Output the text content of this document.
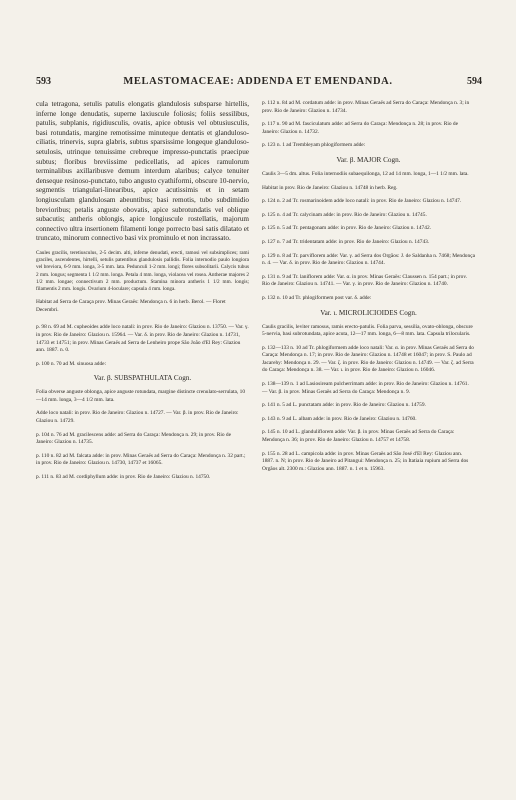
593	MELASTOMACEAE: ADDENDA ET EMENDANDA.	594

cula tetragona, setulis patulis elongatis glandulosis subsparse hirtellis, inferne longe denudatis, superne laxiuscule foliosis; foliis sessilibus, patulis, subplanis, rigidiusculis, ovatis, apice obtusis vel obtusiusculis, basi rotundatis, margine remotissime minuteque dentatis et glanduloso-ciliatis, trinervis, supra glabris, subtus sparsissime longeque glanduloso-setulosis, utrinque tenuissime crebreque impresso-punctatis praecipue subtus; floribus breviissime pedicellatis, ad apices ramulorum terminalibus axillaribusve demum interdum alaribus; calyce tenuiter denseque resinoso-punctato, tubo angusto cyathiformi, obscure 10-nervio, segmentis triangulari-linearibus, apice acutissimis et in setam longiusculam glandulosam abeuntibus; basi remotis, tubo subdimidio brevioribus; petalis anguste obovatis, apice subrotundatis vel oblique subacutis; antheris oblongis, apice longiuscule rostellatis, majorum connectivo ultra insertionem filamenti longe porrecto basi satis dilatato et truncato, minorum connectivo basi vix prominulo et non incrassato.

Caules gracilis, teretiusculus, 2-5 decim. alti, inferne denudati, erecti, ramosi vel subsimplices; rami graciles, ascendentes, hirtelli, setulis patentibus glandulosis pallidis. Folia internodio paulo longiora vel breviora, 6-9 mm. longa, 3-5 mm. lata. Pedunculi 1-2 mm. longi; flores subsolitarii. Calycis tubus 2 mm. longus; segmenta 1 1/2 mm. longa. Petala 4 mm. longa, violacea vel rosea. Antherae majores 2 1/2 mm. longae; connectivum 2 mm. productum. Stamina minora antheris 1 1/2 mm. longis; filamentis 2 mm. longis. Ovarium 4-loculare; capsula 4 mm. longa.

Habitat ad Serra de Caraça prov. Minas Geraës: Mendonça n. 6 in herb. Berol. — Floret Decembri.

p. 98 n. 69 ad M. cupheoides adde loco natali: in prov. Rio de Janeiro: Glaziou n. 13750. — Var. γ. in prov. Rio de Janeiro: Glaziou n. 15964. — Var. δ. in prov. Rio de Janeiro: Glaziou n. 14731, 14733 et 14751; in prov. Minas Geraës ad Serra de Lenheiro prope São João d'El Rey: Glaziou ann. 1887. n. 0.

p. 100 n. 70 ad M. sinuosa adde:

Var. β. SUBSPATHULATA Cogn.

Folia obverse anguste oblonga, apice anguste rotundata, margine distincte crenulato-serrulata, 10—14 mm. longa, 3—4 1/2 mm. lata.

Adde loco natali: in prov. Rio de Janeiro: Glaziou n. 14727. — Var. β. in prov. Rio de Janeiro: Glaziou n. 14729.

p. 104 n. 76 ad M. gracilescens adde: ad Serra do Caraça: Mendonça n. 29; in prov. Rio de Janeiro: Glaziou n. 14735.

p. 110 n. 82 ad M. falcata adde: in prov. Minas Geraës ad Serra do Caraça: Mendonça n. 32 part.; in prov. Rio de Janeiro: Glaziou n. 14730, 14737 et 16065.

p. 111 n. 83 ad M. cordiphyllum adde: in prov. Rio de Janeiro: Glaziou n. 14750.

p. 112 n. 84 ad M. cordatum adde: in prov. Minas Geraës ad Serra do Caraça: Mendonça n. 3; in prov. Rio de Janeiro: Glaziou n. 14734.

p. 117 n. 90 ad M. fasciculatum adde: ad Serra do Caraça: Mendonça n. 28; in prov. Rio de Janeiro: Glaziou n. 14732.

p. 123 n. 1 ad Trembleyam phlogiformem adde:

Var. β. MAJOR Cogn.

Caulis 3—5 dm. altus. Folia internodiis subaequilonga, 12 ad 14 mm. longa, 1—1 1/2 mm. lata.

Habitat in prov. Rio de Janeiro: Glaziou n. 14748 in herb. Reg.

p. 124 n. 2 ad Tr. rosmarinoidem adde loco natali: in prov. Rio de Janeiro: Glaziou n. 14747.

p. 125 n. 4 ad Tr. calycinam adde: in prov. Rio de Janeiro: Glaziou n. 14745.

p. 125 n. 5 ad Tr. pentagonam adde: in prov. Rio de Janeiro: Glaziou n. 14742.

p. 127 n. 7 ad Tr. tridentatam adde: in prov. Rio de Janeiro: Glaziou n. 14743.

p. 129 n. 8 ad Tr. parviflorem adde: Var. γ. ad Serra dos Orgãos: J. de Saldanha n. 7468; Mendonça n. 4. — Var. δ. in prov. Rio de Janeiro: Glaziou n. 14744.

p. 131 n. 9 ad Tr. laniflorem adde: Var. α. in prov. Minas Geraës: Claussen n. 154 part.; in prov. Rio de Janeiro: Glaziou n. 14741. — Var. γ. in prov. Rio de Janeiro: Glaziou n. 14740.

p. 132 n. 10 ad Tr. phlogiformem post var. δ. adde:

Var. ι. MICROLICIOIDES Cogn.

Caulis gracilis, leviter ramosus, ramis erecto-patulis. Folia parva, sessilia, ovato-oblonga, obscure 5-nervia, basi subrotundata, apice acuta, 12—17 mm. longa, 6—8 mm. lata. Capsula trilocularis.

p. 132—133 n. 10 ad Tr. phlogiformem adde loco natali: Var. α. in prov. Minas Geraës ad Serra do Caraça: Mendonça n. 17; in prov. Rio de Janeiro: Glaziou n. 14748 et 16047; in prov. S. Paulo ad Jacarehy: Mendonça n. 29. — Var. ζ. in prov. Rio de Janeiro: Glaziou n. 14749. — Var. ζ. ad Serra do Caraça: Mendonça n. 38. — Var. ι. in prov. Rio de Janeiro: Glaziou n. 16046.

p. 138—139 n. 1 ad Lasiosiream pulcherrimam adde: in prov. Rio de Janeiro: Glaziou n. 14761. — Var. β. in prov. Minas Geraës ad Serra do Caraça: Mendonça n. 9.

p. 141 n. 5 ad L. punctatam adde: in prov. Rio de Janeiro: Glaziou n. 14759.

p. 143 n. 9 ad L. albam adde: in prov. Rio de Janeiro: Glaziou n. 14760.

p. 145 n. 10 ad L. glanduliflorem adde: Var. β. in prov. Minas Geraës ad Serra do Caraça: Mendonça n. 36; in prov. Rio de Janeiro: Glaziou n. 14757 et 14758.

p. 155 n. 28 ad L. campicola adde: in prov. Minas Geraës ad São José d'El Rey: Glaziou ann. 1887. n. N; in prov. Rio de Janeiro ad Pitangui: Mendonça n. 25; in Itatiaia rupium ad Serra dos Orgãos alt. 2300 m.: Glaziou ann. 1887. n. 1 et n. 15963.
